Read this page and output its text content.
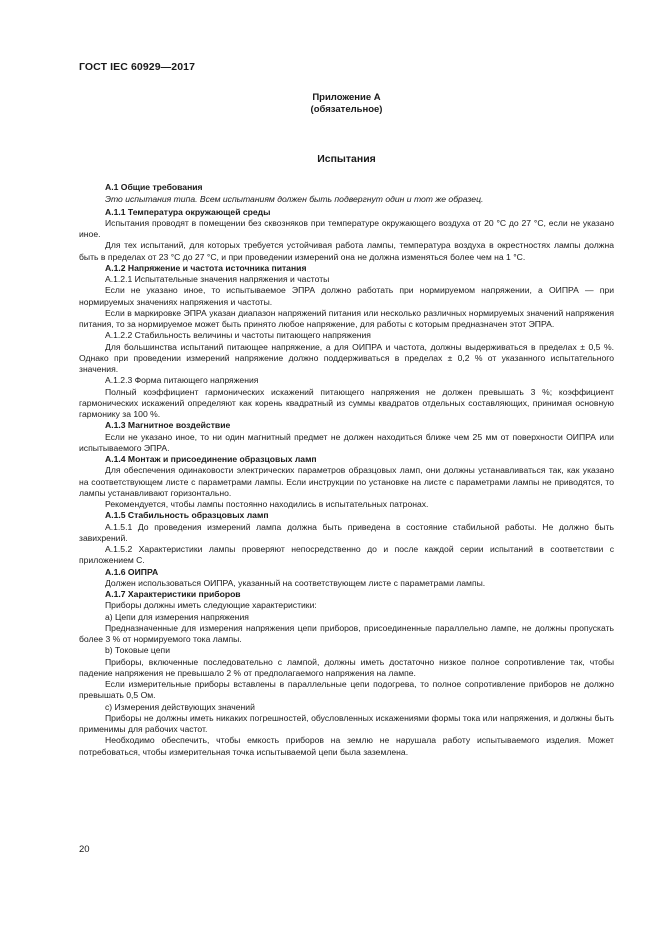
ГОСТ IEC 60929—2017
Приложение А
(обязательное)
Испытания

А.1 Общие требования

Это испытания типа. Всем испытаниям должен быть подвергнут один и тот же образец.

А.1.1 Температура окружающей среды

Испытания проводят в помещении без сквозняков при температуре окружающего воздуха от 20 °С до 27 °С, если не указано иное.

Для тех испытаний, для которых требуется устойчивая работа лампы, температура воздуха в окрестностях лампы должна быть в пределах от 23 °С до 27 °С, и при проведении измерений она не должна изменяться более чем на 1 °С.

А.1.2 Напряжение и частота источника питания

А.1.2.1 Испытательные значения напряжения и частоты

Если не указано иное, то испытываемое ЭПРА должно работать при нормируемом напряжении, а ОИПРА — при нормируемых значениях напряжения и частоты.

Если в маркировке ЭПРА указан диапазон напряжений питания или несколько различных нормируемых значений напряжения питания, то за нормируемое может быть принято любое напряжение, для работы с которым предназначен этот ЭПРА.

А.1.2.2 Стабильность величины и частоты питающего напряжения

Для большинства испытаний питающее напряжение, а для ОИПРА и частота, должны выдерживаться в пределах ± 0,5 %. Однако при проведении измерений напряжение должно поддерживаться в пределах ± 0,2 % от указанного испытательного значения.

А.1.2.3 Форма питающего напряжения

Полный коэффициент гармонических искажений питающего напряжения не должен превышать 3 %; коэффициент гармонических искажений определяют как корень квадратный из суммы квадратов отдельных составляющих, принимая основную гармонику за 100 %.

А.1.3 Магнитное воздействие

Если не указано иное, то ни один магнитный предмет не должен находиться ближе чем 25 мм от поверхности ОИПРА или испытываемого ЭПРА.

А.1.4 Монтаж и присоединение образцовых ламп

Для обеспечения одинаковости электрических параметров образцовых ламп, они должны устанавливаться так, как указано на соответствующем листе с параметрами лампы. Если инструкции по установке на листе с параметрами лампы не приводятся, то лампы устанавливают горизонтально.

Рекомендуется, чтобы лампы постоянно находились в испытательных патронах.

А.1.5 Стабильность образцовых ламп

А.1.5.1 До проведения измерений лампа должна быть приведена в состояние стабильной работы. Не должно быть завихрений.

А.1.5.2 Характеристики лампы проверяют непосредственно до и после каждой серии испытаний в соответствии с приложением С.

А.1.6 ОИПРА

Должен использоваться ОИПРА, указанный на соответствующем листе с параметрами лампы.

А.1.7 Характеристики приборов

Приборы должны иметь следующие характеристики:

а) Цепи для измерения напряжения

Предназначенные для измерения напряжения цепи приборов, присоединенные параллельно лампе, не должны пропускать более 3 % от нормируемого тока лампы.

b) Токовые цепи

Приборы, включенные последовательно с лампой, должны иметь достаточно низкое полное сопротивление так, чтобы падение напряжения не превышало 2 % от предполагаемого напряжения на лампе.

Если измерительные приборы вставлены в параллельные цепи подогрева, то полное сопротивление приборов не должно превышать 0,5 Ом.

с) Измерения действующих значений

Приборы не должны иметь никаких погрешностей, обусловленных искажениями формы тока или напряжения, и должны быть применимы для рабочих частот.

Необходимо обеспечить, чтобы емкость приборов на землю не нарушала работу испытываемого изделия. Может потребоваться, чтобы измерительная точка испытываемой цепи была заземлена.

20
